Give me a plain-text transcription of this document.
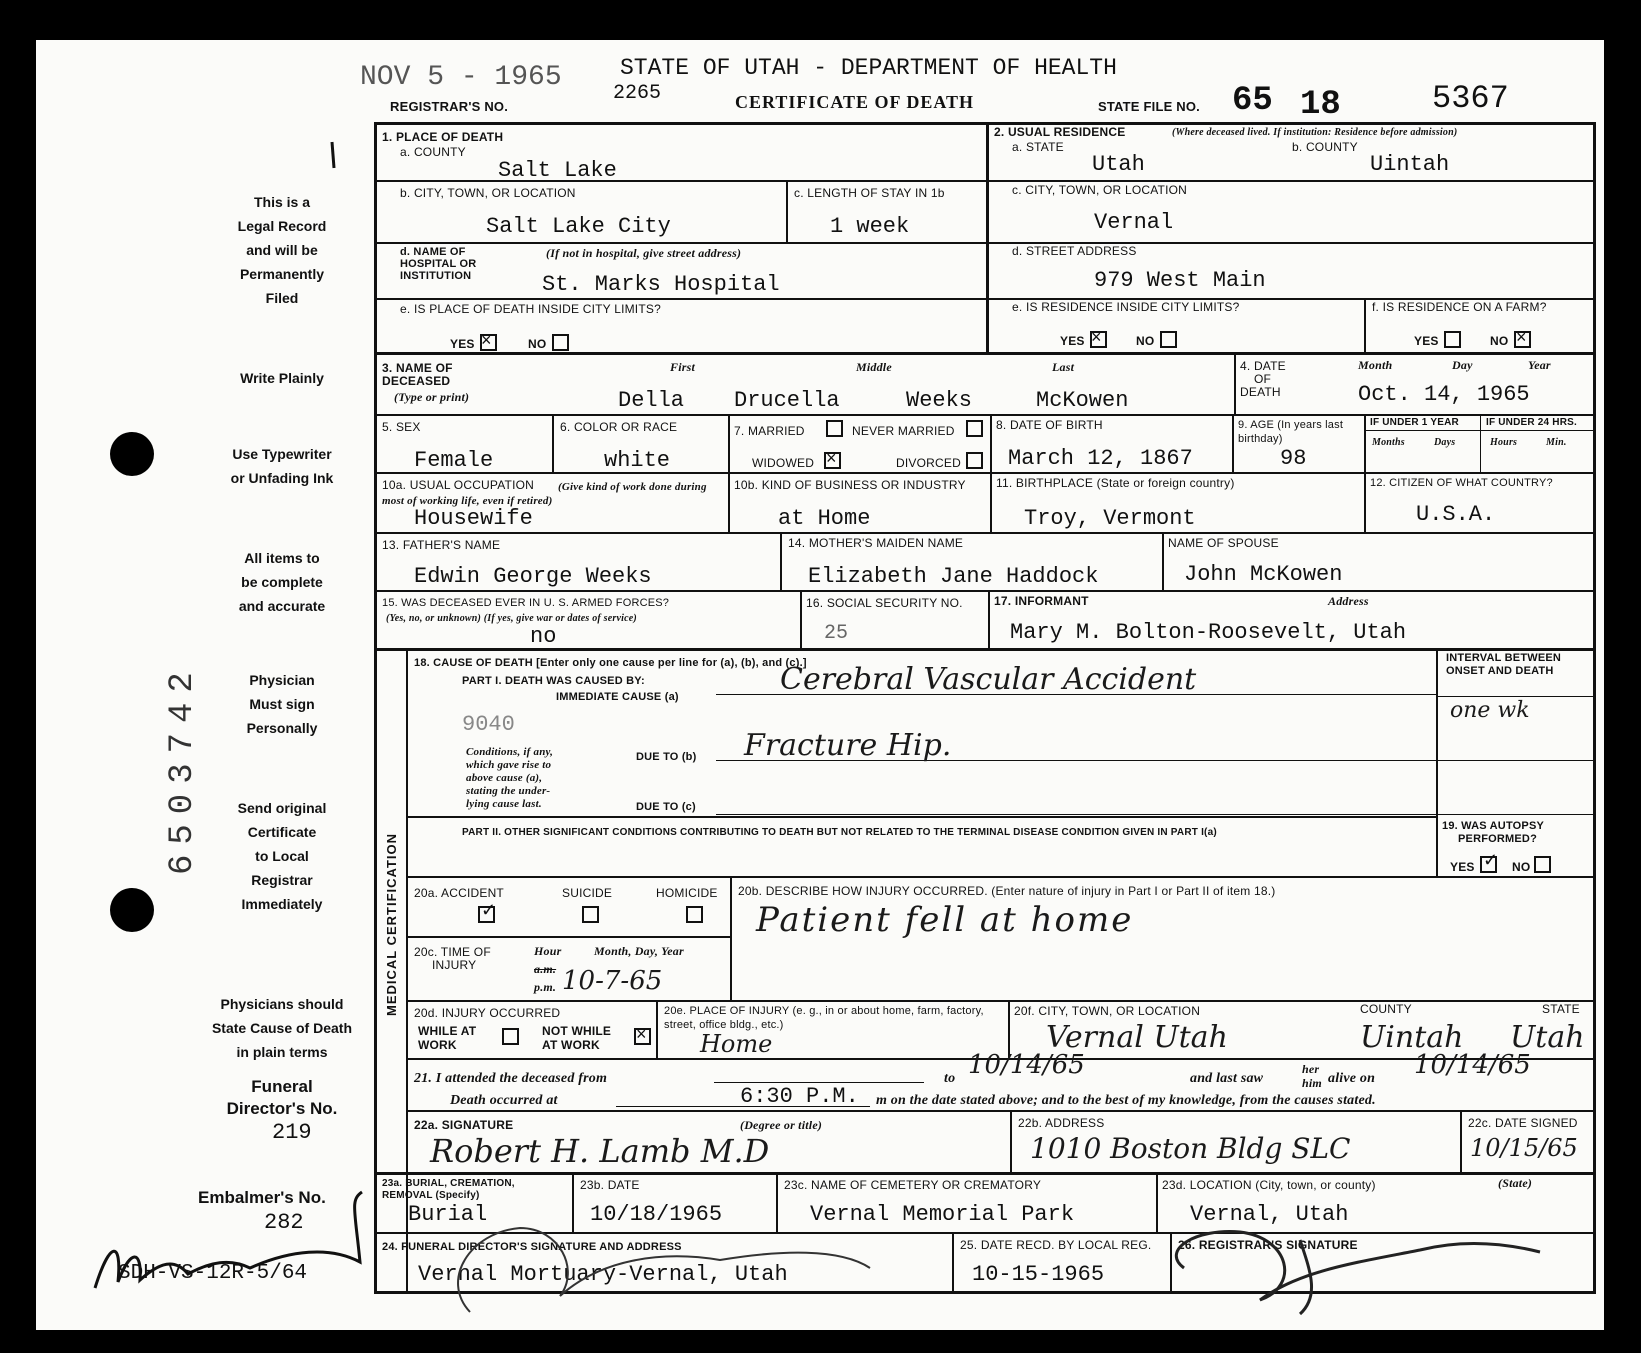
NOV 5 - 1965	STATE OF UTAH - DEPARTMENT OF HEALTH
REGISTRAR'S NO.
2265	CERTIFICATE OF DEATH	STATE FILE NO. 65 18	5367
This is a
Legal Record
and will be
Permanently
Filed
Write Plainly
Use Typewriter
or Unfading Ink
All items to
be complete
and accurate
Physician
Must sign
Personally
Send original
Certificate
to Local
Registrar
Immediately
Physicians should
State Cause of Death
in plain terms
Funeral
Director's No.
219
Embalmer's No.
282
SDH-VS-12R-5/64
6503742
1. PLACE OF DEATH
a. COUNTY
Salt Lake
b. CITY, TOWN, OR LOCATION
Salt Lake City
c. LENGTH OF STAY IN 1b
1 week
d. NAME OF
HOSPITAL OR
INSTITUTION
(If not in hospital, give street address)
St. Marks Hospital
e. IS PLACE OF DEATH INSIDE CITY LIMITS?
YES ×	NO
2. USUAL RESIDENCE	(Where deceased lived. If institution: Residence before admission)
a. STATE
Utah
b. COUNTY
Uintah
c. CITY, TOWN, OR LOCATION
Vernal
d. STREET ADDRESS
979 West Main
e. IS RESIDENCE INSIDE CITY LIMITS?
YES ×	NO
f. IS RESIDENCE ON A FARM?
YES	NO ×
3. NAME OF
DECEASED
(Type or print)
First	Middle	Last
Della Drucella	Weeks	McKowen
4. DATE
OF
DEATH
Month	Day	Year
Oct. 14, 1965
5. SEX
Female
6. COLOR OR RACE
white
7. MARRIED	NEVER MARRIED
WIDOWED ×	DIVORCED
8. DATE OF BIRTH
March 12, 1867
9. AGE (In years last birthday)
98
IF UNDER 1 YEAR	IF UNDER 24 HRS.
Months	Days	Hours	Min.
10a. USUAL OCCUPATION	(Give kind of work done during most of working life, even if retired)
Housewife
10b. KIND OF BUSINESS OR INDUSTRY
at Home
11. BIRTHPLACE (State or foreign country)
Troy, Vermont
12. CITIZEN OF WHAT COUNTRY?
U.S.A.
13. FATHER'S NAME
Edwin George Weeks
14. MOTHER'S MAIDEN NAME
Elizabeth Jane Haddock
NAME OF SPOUSE
John McKowen
15. WAS DECEASED EVER IN U. S. ARMED FORCES?
(Yes, no, or unknown) (If yes, give war or dates of service)
no
16. SOCIAL SECURITY NO.
25
17. INFORMANT	Address
Mary M. Bolton-Roosevelt, Utah
MEDICAL CERTIFICATION
18. CAUSE OF DEATH [Enter only one cause per line for (a), (b), and (c).]
PART I. DEATH WAS CAUSED BY:
IMMEDIATE CAUSE (a)	Cerebral Vascular Accident
9040
Conditions, if any,
which gave rise to
above cause (a),
stating the under-
lying cause last.
DUE TO (b) Fracture Hip.
DUE TO (c)
PART II. OTHER SIGNIFICANT CONDITIONS CONTRIBUTING TO DEATH BUT NOT RELATED TO THE TERMINAL DISEASE CONDITION GIVEN IN PART I(a)
INTERVAL BETWEEN
ONSET AND DEATH
one wk
19. WAS AUTOPSY
PERFORMED?
YES ✓ NO
20a. ACCIDENT
✓
SUICIDE	HOMICIDE 20b. DESCRIBE HOW INJURY OCCURRED. (Enter nature of injury in Part I or Part II of item 18.)
Patient fell at home
20c. TIME OF
INJURY
Hour	Month, Day, Year
a.m.
p.m. 10-7-65
20d. INJURY OCCURRED
WHILE AT
WORK
NOT WHILE
AT WORK
×
20e. PLACE OF INJURY (e. g., in or about home, farm, factory, street, office bldg., etc.)
Home
20f. CITY, TOWN, OR LOCATION	COUNTY	STATE
Vernal Utah	Uintah Utah
21. I attended the deceased from	to 10/14/65	and last saw
her
him alive on 10/14/65
Death occurred at	6:30 P.M. m on the date stated above; and to the best of my knowledge, from the causes stated.
22a. SIGNATURE	(Degree or title)
Robert H. Lamb M.D
22b. ADDRESS
1010 Boston Bldg SLC
22c. DATE SIGNED
10/15/65
23a. BURIAL, CREMATION, REMOVAL (Specify)
Burial
23b. DATE
10/18/1965
23c. NAME OF CEMETERY OR CREMATORY
Vernal Memorial Park
23d. LOCATION (City, town, or county)	(State)
Vernal, Utah
24. FUNERAL DIRECTOR'S SIGNATURE AND ADDRESS
Vernal Mortuary-Vernal, Utah
25. DATE RECD. BY LOCAL REG.
10-15-1965
26. REGISTRAR'S SIGNATURE
